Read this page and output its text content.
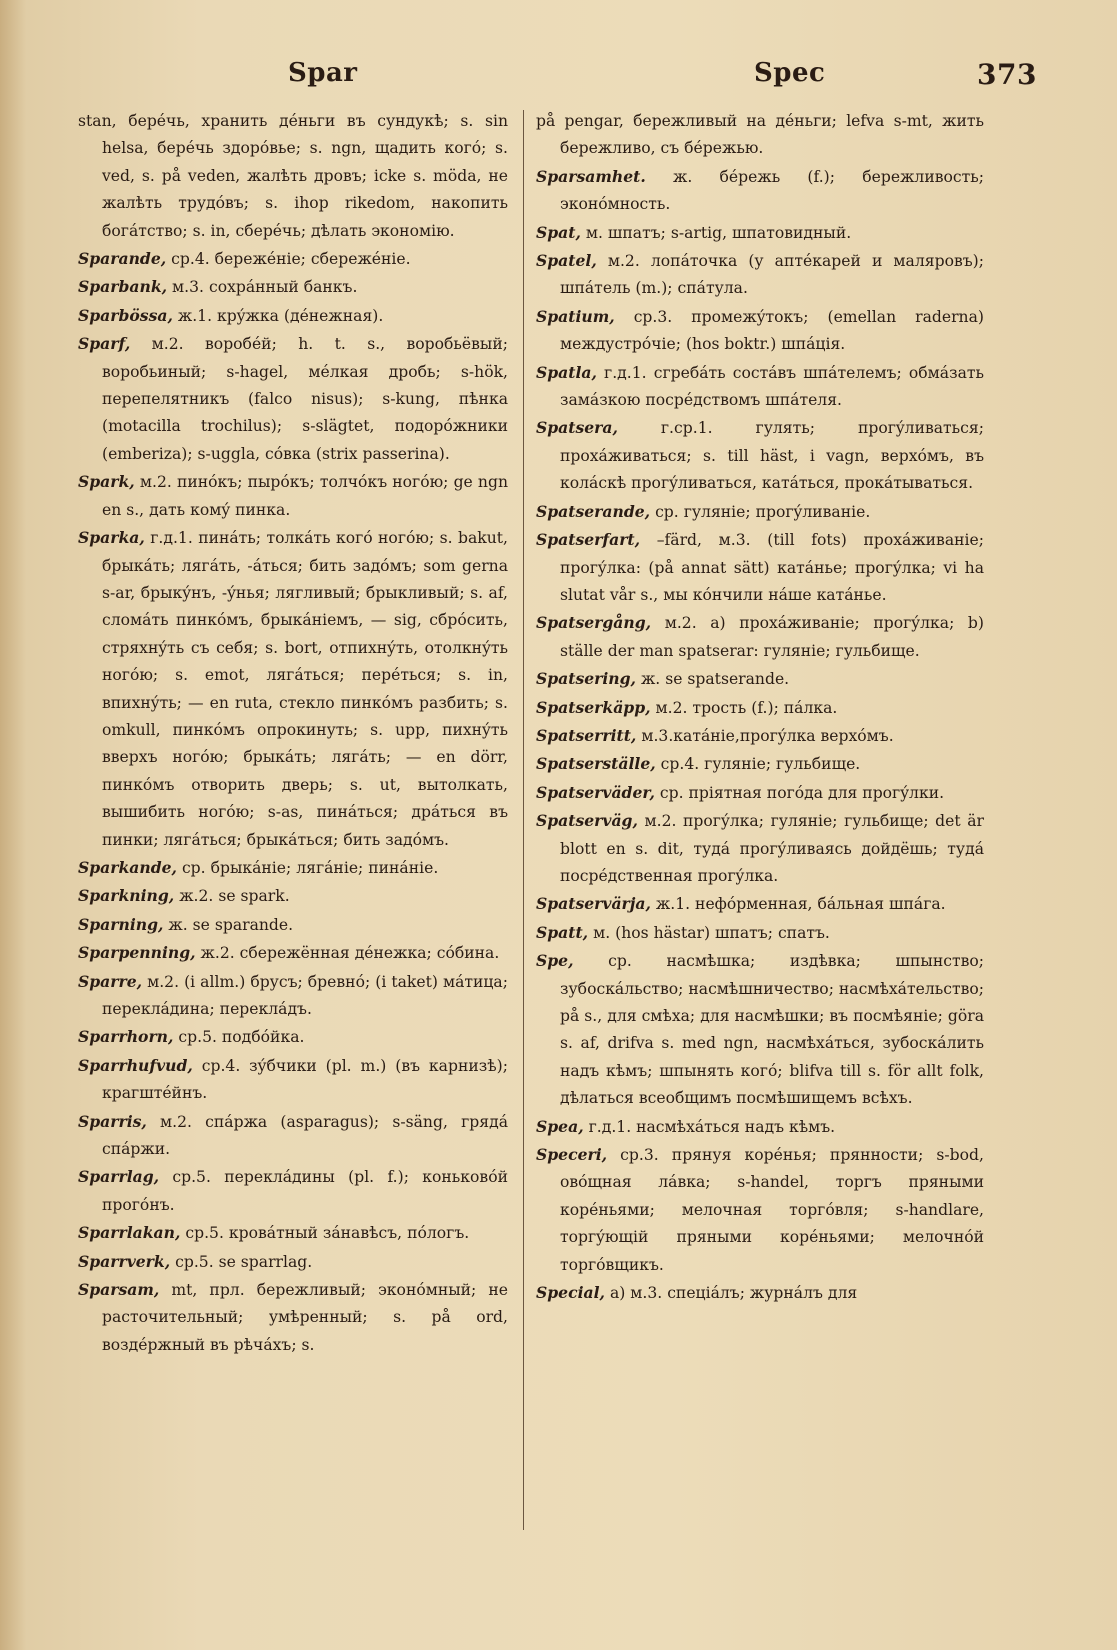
Spar	Spec	373

stan, берéчь, хранить дéньги въ сундукѣ; s. sin helsa, берéчь здорóвье; s. ngn, щадить когó; s. ved, s. på veden, жалѣть дровъ; icke s. möda, не жалѣть трудóвъ; s. ihop rikedom, накопить богáтство; s. in, сберéчь; дѣлать экономію.

Sparande, ср.4. бережéніе; сбережéніе.

Sparbank, м.3. сохрáнный банкъ.

Sparbössa, ж.1. крýжка (дéнежная).

Sparf, м.2. воробéй; h. t. s., воробьёвый; воробьиный; s-hagel, мéлкая дробь; s-hök, перепелятникъ (falco nisus); s-kung, пѣнка (motacilla trochilus); s-slägtet, подорóжники (emberiza); s-uggla, сóвка (strix passerina).

Spark, м.2. пинóкъ; пырóкъ; толчóкъ ногóю; ge ngn en s., дать комý пинка.

Sparka, г.д.1. пинáть; толкáть когó ногóю; s. bakut, брыкáть; лягáть, -áться; бить задóмъ; som gerna s-ar, брыкýнъ, -ýнья; лягливый; брыкливый; s. af, сломáть пинкóмъ, брыкáніемъ, — sig, сбрóсить, стряхнýть съ себя; s. bort, отпихнýть, отолкнýть ногóю; s. emot, лягáться; перéться; s. in, впихнýть; — en ruta, стекло пинкóмъ разбить; s. omkull, пинкóмъ опрокинуть; s. upp, пихнýть вверхъ ногóю; брыкáть; лягáть; — en dörr, пинкóмъ отворить дверь; s. ut, вытолкать, вышибить ногóю; s-as, пинáться; дрáться въ пинки; лягáться; брыкáться; бить задóмъ.

Sparkande, ср. брыкáніе; лягáніе; пинáніе.

Sparkning, ж.2. se spark.

Sparning, ж. se sparande.

Sparpenning, ж.2. сбережённая дéнежка; сóбина.

Sparre, м.2. (i allm.) брусъ; бревнó; (i taket) мáтица; переклáдина; переклáдъ.

Sparrhorn, ср.5. подбóйка.

Sparrhufvud, ср.4. зýбчики (pl. m.) (въ карнизѣ); крагштéйнъ.

Sparris, м.2. спáржа (asparagus); s-säng, грядá спáржи.

Sparrlag, ср.5. переклáдины (pl. f.); коньковóй прогóнъ.

Sparrlakan, ср.5. кровáтный зáнавѣсъ, пóлогъ.

Sparrverk, ср.5. se sparrlag.

Sparsam, mt, прл. бережливый; эконóмный; не расточительный; умѣренный; s. på ord, воздéржный въ рѣчáхъ; s.

på pengar, бережливый на дéньги; lefva s-mt, жить бережливо, съ бéрежью.

Sparsamhet. ж. бéрежь (f.); бережливость; эконóмность.

Spat, м. шпатъ; s-artig, шпатовидный.

Spatel, м.2. лопáточка (у аптéкарей и маляровъ); шпáтель (m.); спáтула.

Spatium, ср.3. промежýтокъ; (emellan raderna) междустрóчіе; (hos boktr.) шпáція.

Spatla, г.д.1. сгребáть состáвъ шпáтелемъ; обмáзать замáзкою посрéдствомъ шпáтеля.

Spatsera,	г.ср.1. гулять; прогýливаться; прохáживаться; s. till häst, i vagn, верхóмъ, въ колáскѣ прогýливаться, катáться, прокáтываться.

Spatserande, ср. гуляніе; прогýливаніе.

Spatserfart, –färd, м.3. (till fots) прохáживаніе; прогýлка: (på annat sätt) катáнье; прогýлка; vi ha slutat vår s., мы кóнчили нáше катáнье.

Spatsergång, м.2. a) прохáживаніе; прогýлка; b) ställe der man spatserar: гуляніе; гульбище.

Spatsering, ж. se spatserande.

Spatserkäpp, м.2. трость (f.); пáлка.

Spatserritt, м.3.катáніе,прогýлка верхóмъ.

Spatserställe, ср.4. гуляніе; гульбище.

Spatserväder, ср. пріятная погóда для прогýлки.

Spatserväg, м.2. прогýлка; гуляніе; гульбище; det är blott en s. dit, тудá прогýливаясь дойдёшь; тудá посрéдственная прогýлка.

Spatservärja, ж.1. нефóрменная, бáльная шпáга.

Spatt, м. (hos hästar) шпатъ; спатъ.

Spe, ср. насмѣшка; издѣвка; шпынство; зубоскáльство; насмѣшничество; насмѣхáтельство; på s., для смѣха; для насмѣшки; въ посмѣяніе; göra s. af, drifva s. med ngn, насмѣхáться, зубоскáлить надъ кѣмъ; шпынять когó; blifva till s. för allt folk, дѣлаться всеобщимъ посмѣшищемъ всѣхъ.

Spea, г.д.1. насмѣхáться надъ кѣмъ.

Speceri, ср.3. прянуя корéнья; прянности; s-bod, овóщная лáвка; s-handel, торгъ пряными корéньями; мелочная торгóвля; s-handlare, торгýющій пряными корéньями; мелочнóй торгóвщикъ.

Special, a) м.3. спеціáлъ; журнáлъ для
